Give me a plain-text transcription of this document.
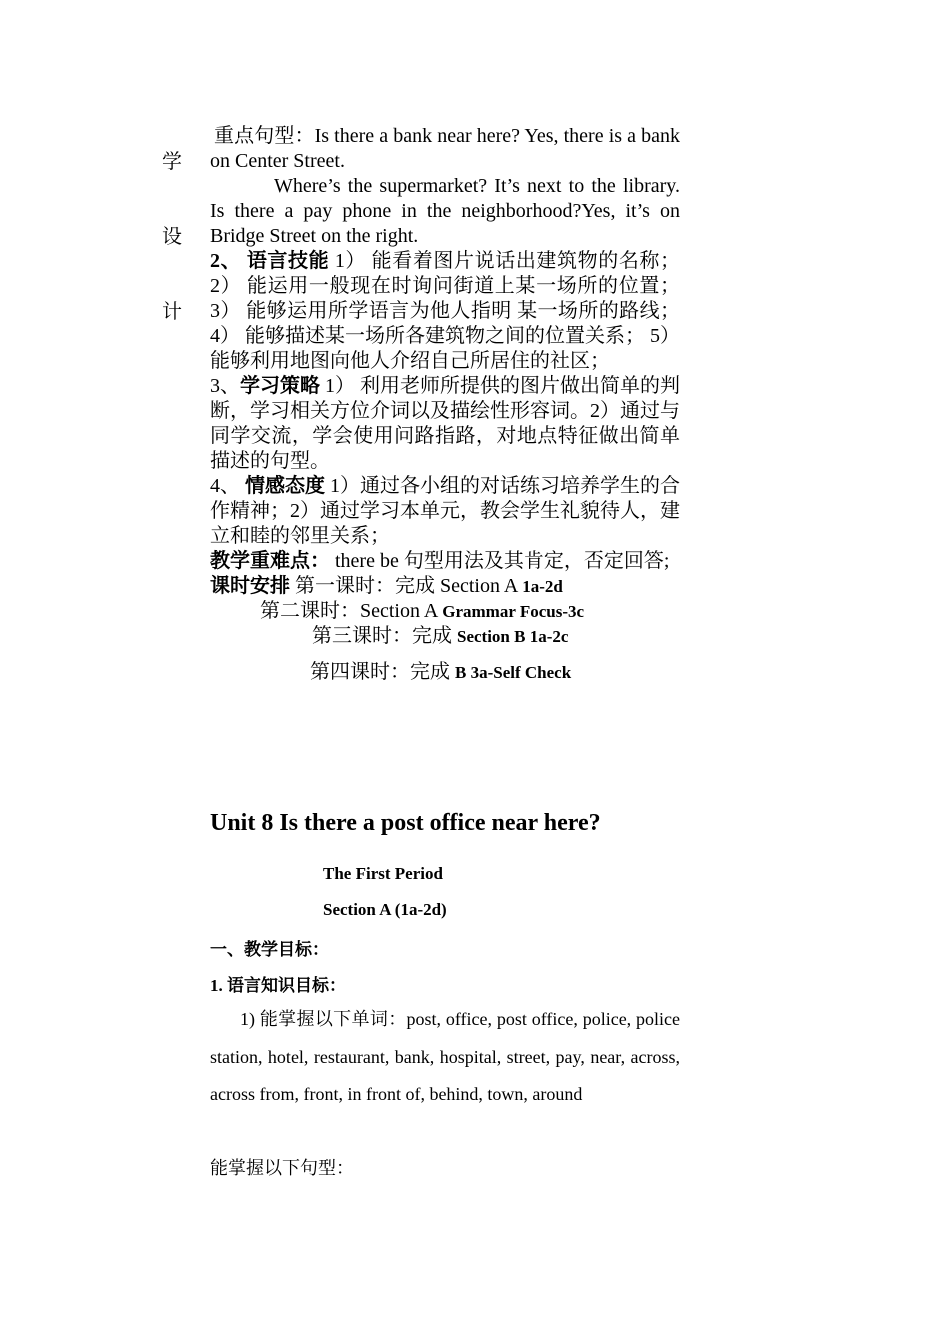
学
设
计

重点句型：Is there a bank near here? Yes, there is a bank on Center Street.

Where’s the supermarket? It’s next to the library. Is there a pay phone in the neighborhood?Yes, it’s on Bridge Street on the right.

2、 语言技能 1） 能看着图片说话出建筑物的名称； 2） 能运用一般现在时询问街道上某一场所的位置；3） 能够运用所学语言为他人指明 某一场所的路线； 4） 能够描述某一场所各建筑物之间的位置关系； 5） 能够利用地图向他人介绍自己所居住的社区；

3、学习策略 1） 利用老师所提供的图片做出简单的判断，学习相关方位介词以及描绘性形容词。2）通过与同学交流，学会使用问路指路，对地点特征做出简单描述的句型。

4、 情感态度 1）通过各小组的对话练习培养学生的合作精神；2）通过学习本单元，教会学生礼貌待人，建立和睦的邻里关系；

教学重难点： there be 句型用法及其肯定，否定回答;

课时安排 第一课时：完成 Section A 1a-2d

第二课时：Section A Grammar Focus-3c

第三课时：完成 Section B 1a-2c

第四课时：完成 B 3a-Self Check

Unit 8 Is there a post office near here?

The First Period
Section A (1a-2d)
一、教学目标：
1. 语言知识目标：

1) 能掌握以下单词：post, office, post office, police, police station, hotel, restaurant, bank, hospital, street, pay, near, across, across from, front, in front of, behind, town, around

能掌握以下句型：
